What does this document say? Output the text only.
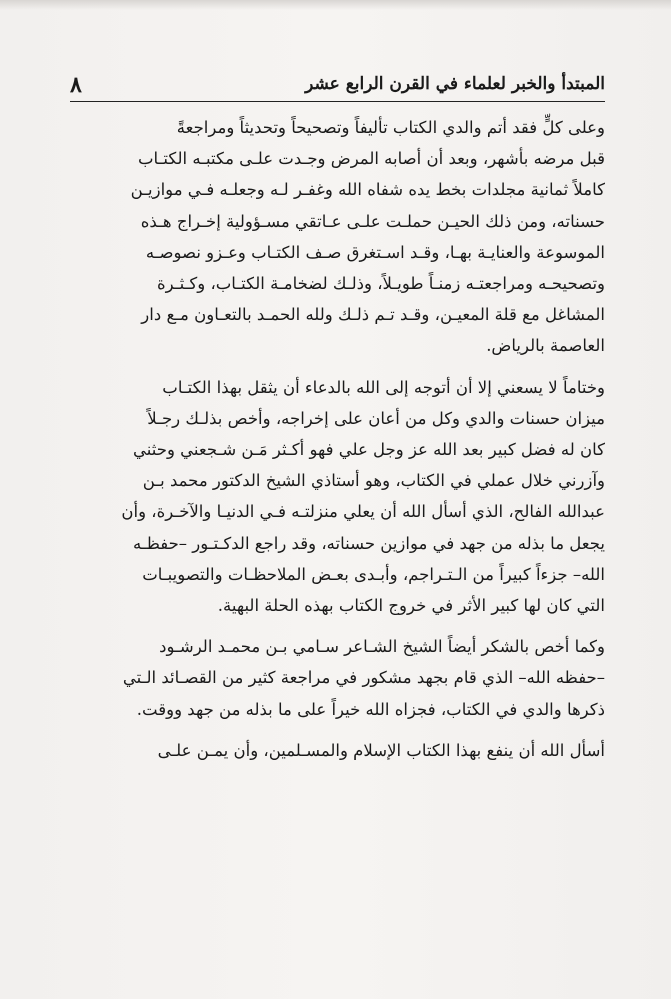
المبتدأ والخبر لعلماء في القرن الرابع عشر
٨

وعلى كلٍّ فقد أتم والدي الكتاب تأليفاً وتصحيحاً وتحديثاً ومراجعةً
قبل مرضه بأشهر، وبعد أن أصابه المرض وجـدت علـى مكتبـه الكتـاب
كاملاً ثمانية مجلدات بخط يده شفاه الله وغفـر لـه وجعلـه فـي موازيـن
حسناته، ومن ذلك الحيـن حملـت علـى عـاتقي مسـؤولية إخـراج هـذه
الموسوعة والعنايـة بهـا، وقـد اسـتغرق صـف الكتـاب وعـزو نصوصـه
وتصحيحـه ومراجعتـه زمنـاً طويـلاً، وذلـك لضخامـة الكتـاب، وكـثـرة
المشاغل مع قلة المعيـن، وقـد تـم ذلـك ولله الحمـد بالتعـاون مـع دار
العاصمة بالرياض.

وختاماً لا يسعني إلا أن أتوجه إلى الله بالدعاء أن يثقل بهذا الكتـاب
ميزان حسنات والدي وكل من أعان على إخراجه، وأخص بذلـك رجـلاً
كان له فضل كبير بعد الله عز وجل علي فهو أكـثر مَـن شـجعني وحثني
وآزرني خلال عملي في الكتاب، وهو أستاذي الشيخ الدكتور محمد بـن
عبدالله الفالح، الذي أسأل الله أن يعلي منزلتـه فـي الدنيـا والآخـرة، وأن
يجعل ما بذله من جهد في موازين حسناته، وقد راجع الدكـتـور –حفظـه
الله– جزءاً كبيراً من الـتـراجم، وأبـدى بعـض الملاحظـات والتصويبـات
التي كان لها كبير الأثر في خروج الكتاب بهذه الحلة البهية.

وكما أخص بالشكر أيضاً الشيخ الشـاعر سـامي بـن محمـد الرشـود
–حفظه الله– الذي قام بجهد مشكور في مراجعة كثير من القصـائد الـتي
ذكرها والدي في الكتاب، فجزاه الله خيراً على ما بذله من جهد ووقت.

أسأل الله أن ينفع بهذا الكتاب الإسلام والمسـلمين، وأن يمـن علـى
